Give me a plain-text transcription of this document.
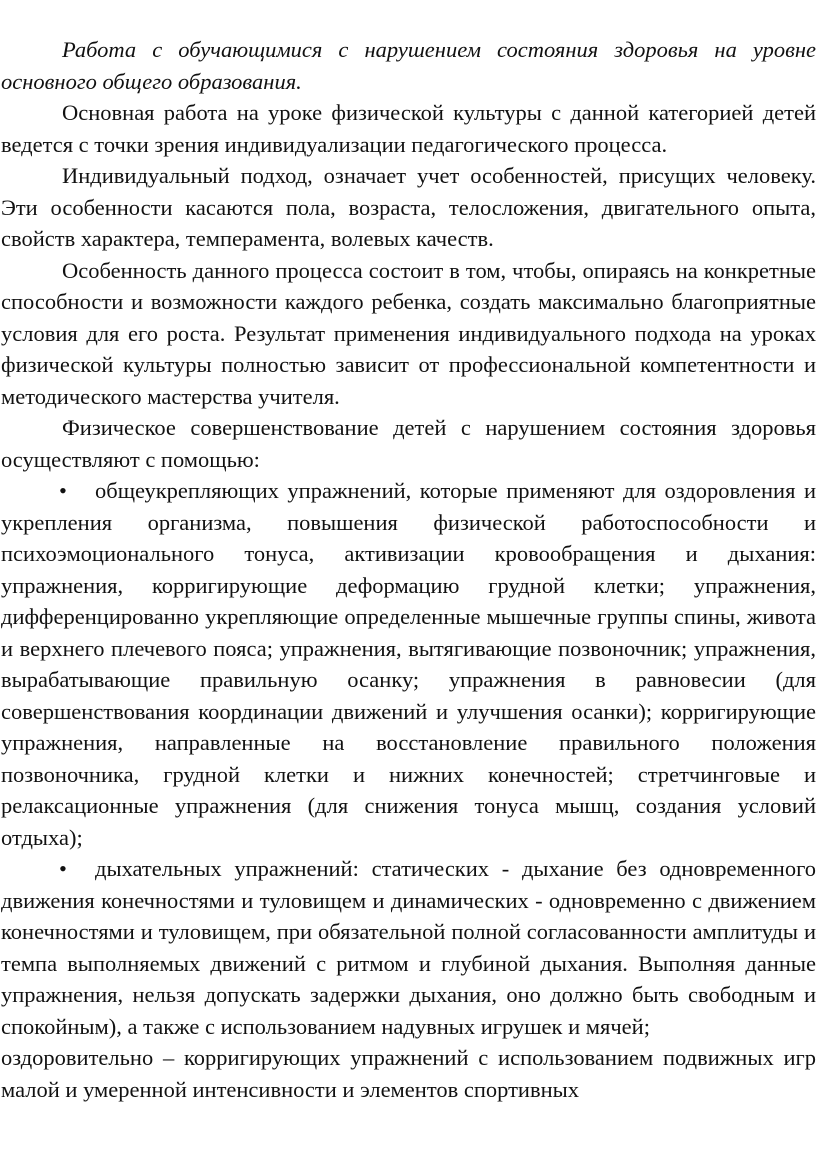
Работа с обучающимися с нарушением состояния здоровья на уровне основного общего образования.

Основная работа на уроке физической культуры с данной категорией детей ведется с точки зрения индивидуализации педагогического процесса.

Индивидуальный подход, означает учет особенностей, присущих человеку. Эти особенности касаются пола, возраста, телосложения, двигательного опыта, свойств характера, темперамента, волевых качеств.

Особенность данного процесса состоит в том, чтобы, опираясь на конкретные способности и возможности каждого ребенка, создать максимально благоприятные условия для его роста. Результат применения индивидуального подхода на уроках физической культуры полностью зависит от профессиональной компетентности и методического мастерства учителя.

Физическое совершенствование детей с нарушением состояния здоровья осуществляют с помощью:

• общеукрепляющих упражнений, которые применяют для оздоровления и укрепления организма, повышения физической работоспособности и психоэмоционального тонуса, активизации кровообращения и дыхания: упражнения, корригирующие деформацию грудной клетки; упражнения, дифференцированно укрепляющие определенные мышечные группы спины, живота и верхнего плечевого пояса; упражнения, вытягивающие позвоночник; упражнения, вырабатывающие правильную осанку; упражнения в равновесии (для совершенствования координации движений и улучшения осанки); корригирующие упражнения, направленные на восстановление правильного положения позвоночника, грудной клетки и нижних конечностей; стретчинговые и релаксационные упражнения (для снижения тонуса мышц, создания условий отдыха);

• дыхательных упражнений: статических - дыхание без одновременного движения конечностями и туловищем и динамических - одновременно с движением конечностями и туловищем, при обязательной полной согласованности амплитуды и темпа выполняемых движений с ритмом и глубиной дыхания. Выполняя данные упражнения, нельзя допускать задержки дыхания, оно должно быть свободным и спокойным), а также с использованием надувных игрушек и мячей;

оздоровительно – корригирующих упражнений с использованием подвижных игр малой и умеренной интенсивности и элементов спортивных
